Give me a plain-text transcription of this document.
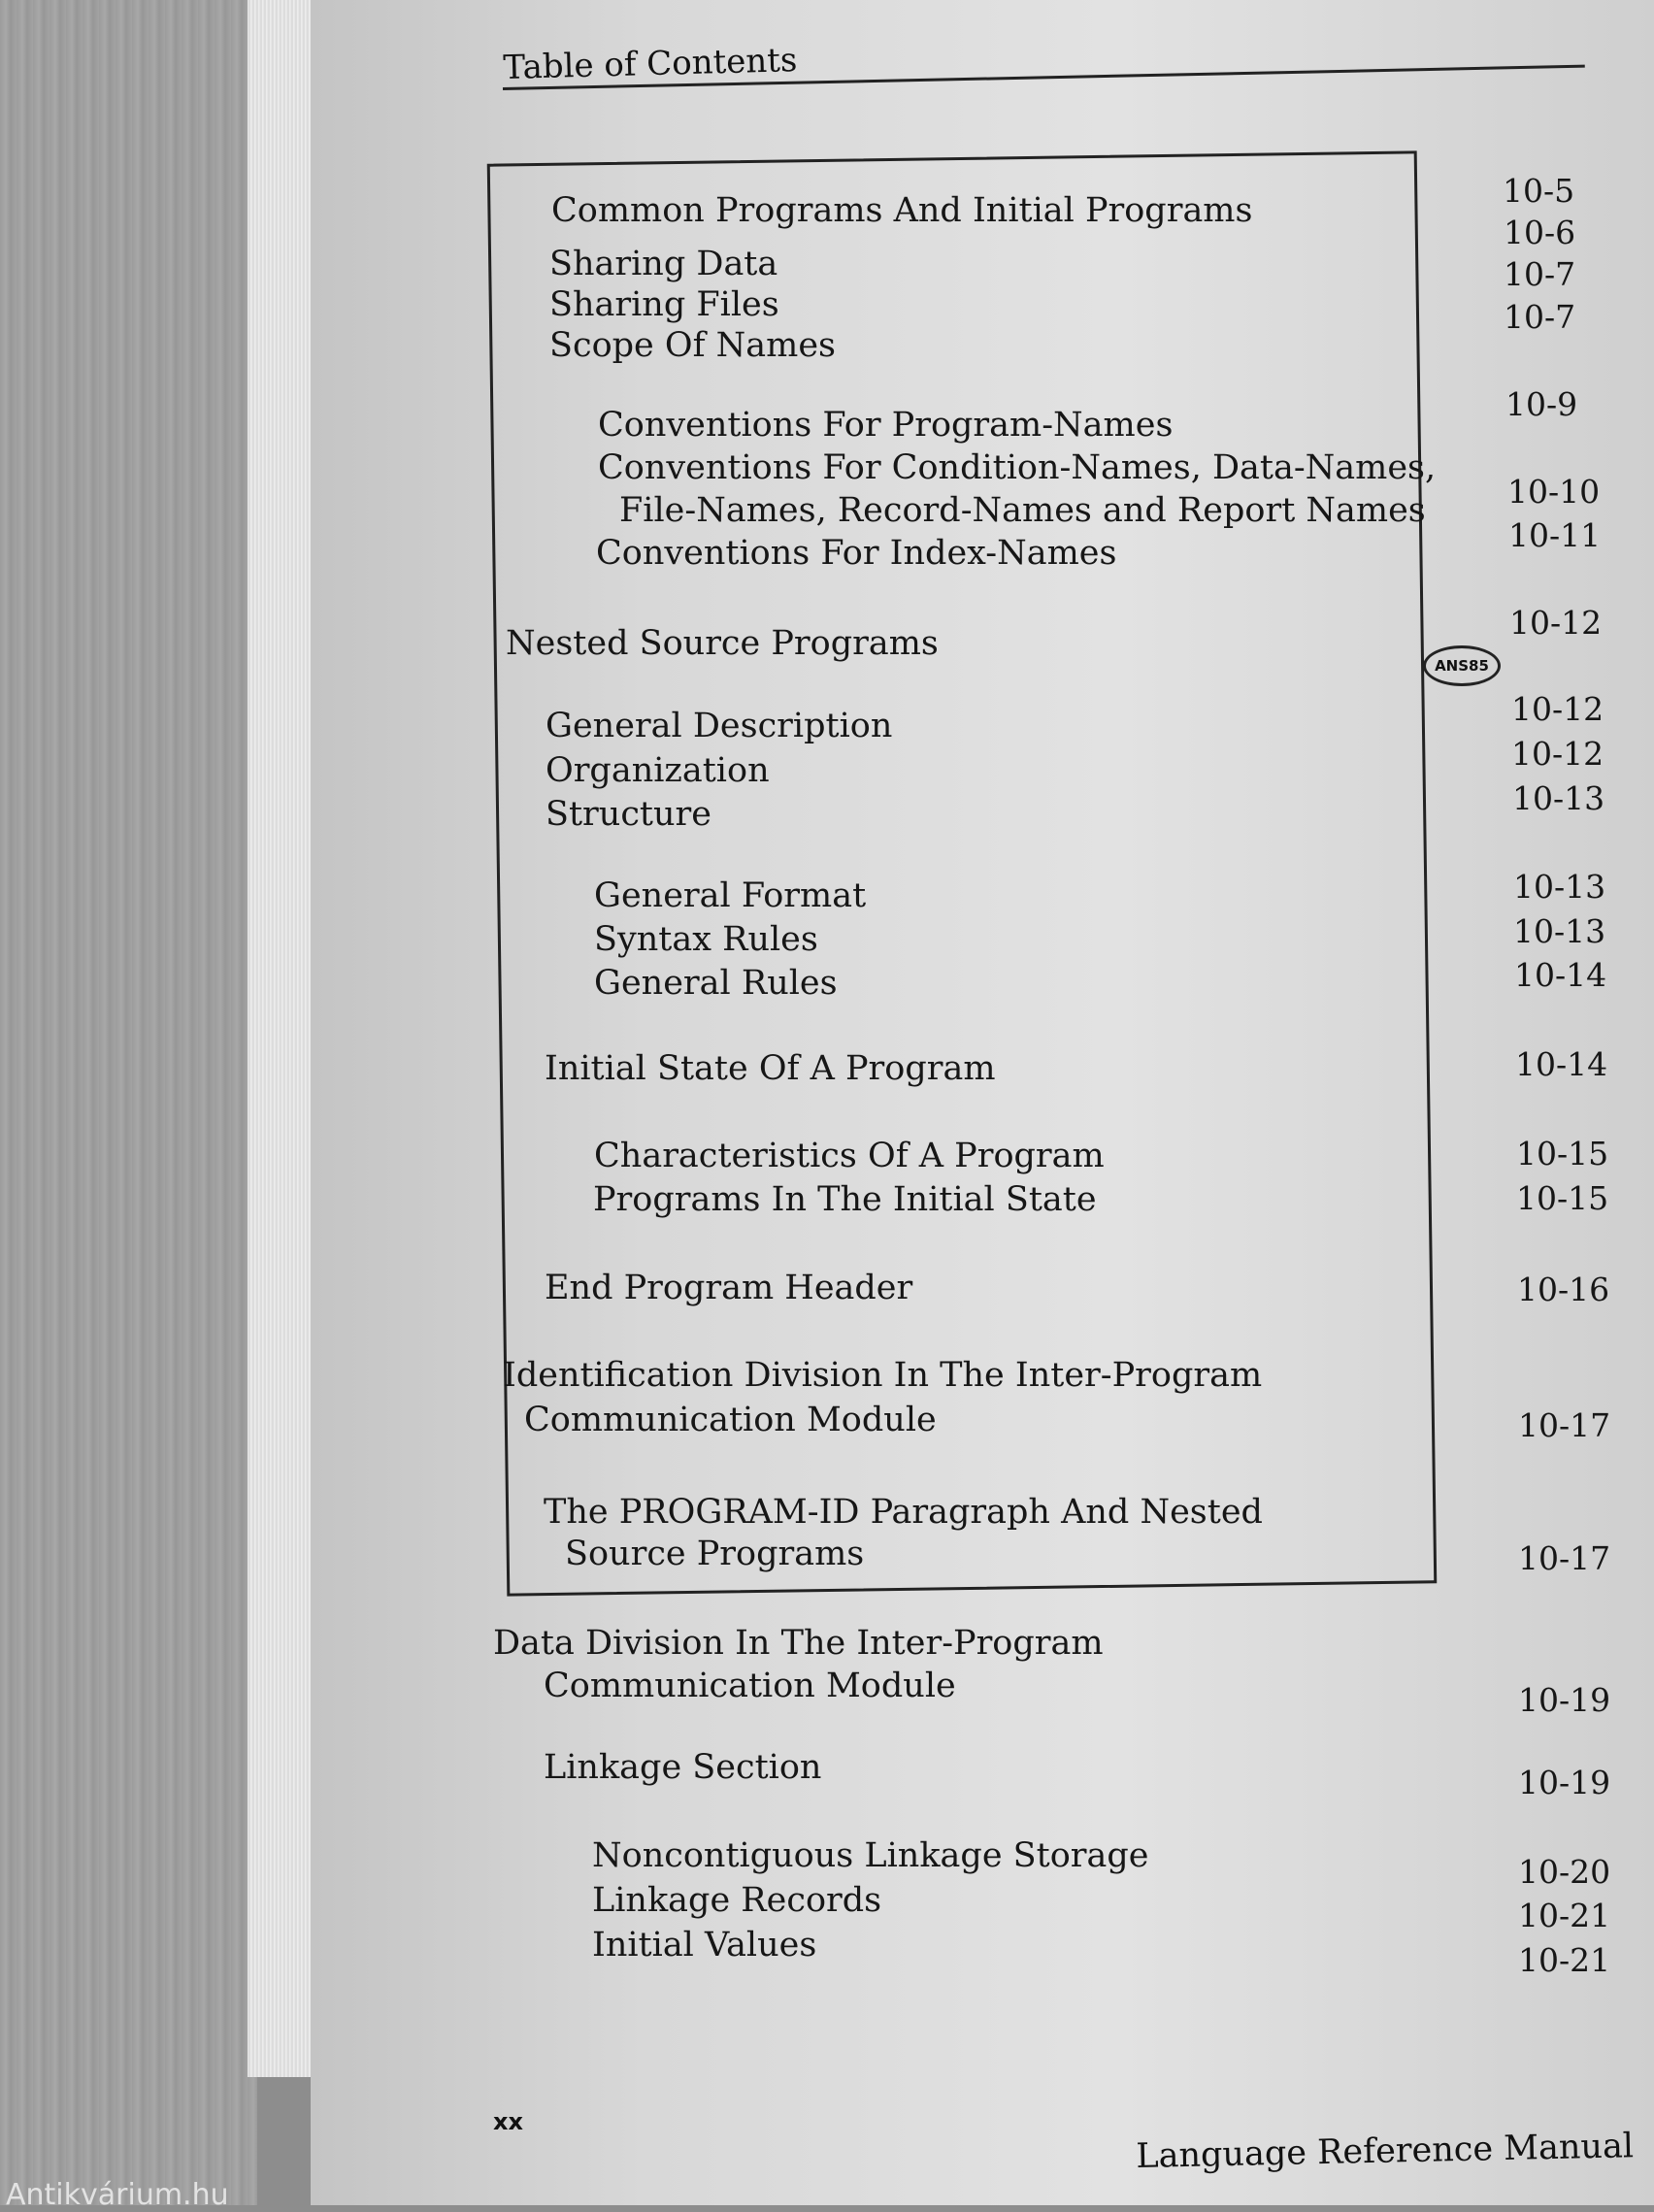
Table of Contents
ANS85
Common Programs And Initial Programs
10-5
Sharing Data
10-6
Sharing Files
10-7
Scope Of Names
10-7
Conventions For Program-Names
10-9
Conventions For Condition-Names, Data-Names,
File-Names, Record-Names and Report Names	10-10
Conventions For Index-Names	10-11
Nested Source Programs
10-12
General Description	10-12
Organization	10-12
Structure	10-13
General Format	10-13
Syntax Rules	10-13
General Rules	10-14
Initial State Of A Program	10-14
Characteristics Of A Program	10-15
Programs In The Initial State	10-15
End Program Header	10-16
Identification Division In The Inter-Program
Communication Module	10-17
The PROGRAM-ID Paragraph And Nested
Source Programs	10-17
Data Division In The Inter-Program
Communication Module	10-19
Linkage Section	10-19
Noncontiguous Linkage Storage	10-20
Linkage Records	10-21
Initial Values	10-21
xx
Language Reference Manual
Antikvárium.hu
